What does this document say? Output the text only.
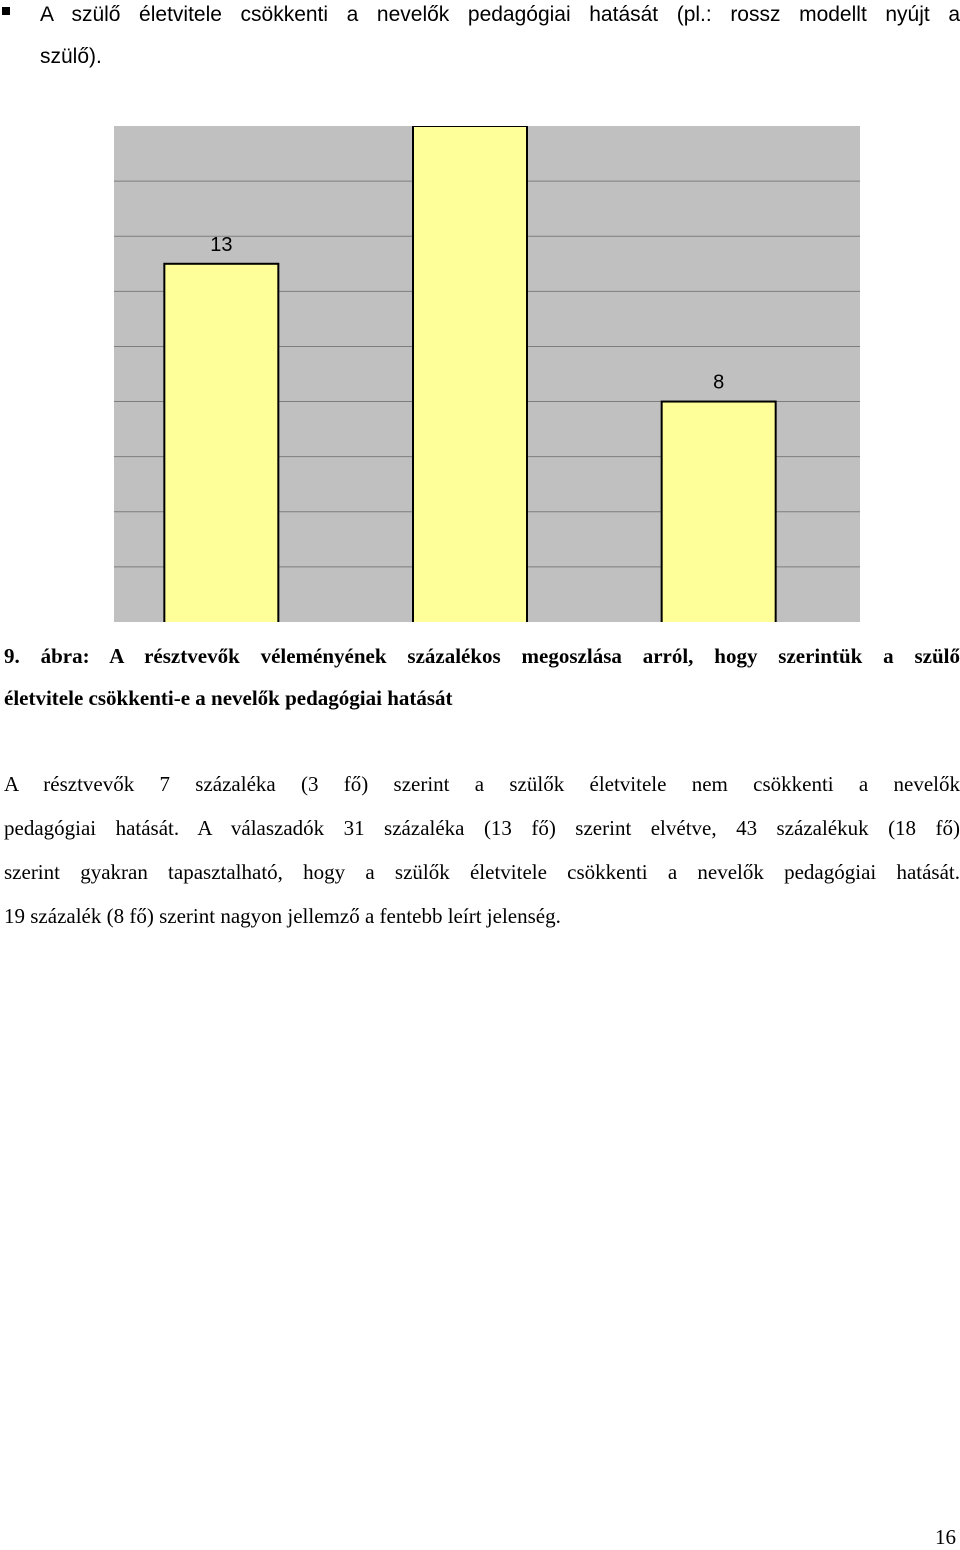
A szülő életvitele csökkenti a nevelők pedagógiai hatását (pl.: rossz modellt nyújt a
szülő).
13
8
9. ábra: A résztvevők véleményének százalékos megoszlása arról, hogy szerintük a szülő
életvitele csökkenti-e a nevelők pedagógiai hatását
A résztvevők 7 százaléka (3 fő) szerint a szülők életvitele nem csökkenti a nevelők
pedagógiai hatását. A válaszadók 31 százaléka (13 fő) szerint elvétve, 43 százalékuk (18 fő)
szerint gyakran tapasztalható, hogy a szülők életvitele csökkenti a nevelők pedagógiai hatását.
19 százalék (8 fő) szerint nagyon jellemző a fentebb leírt jelenség.
16
